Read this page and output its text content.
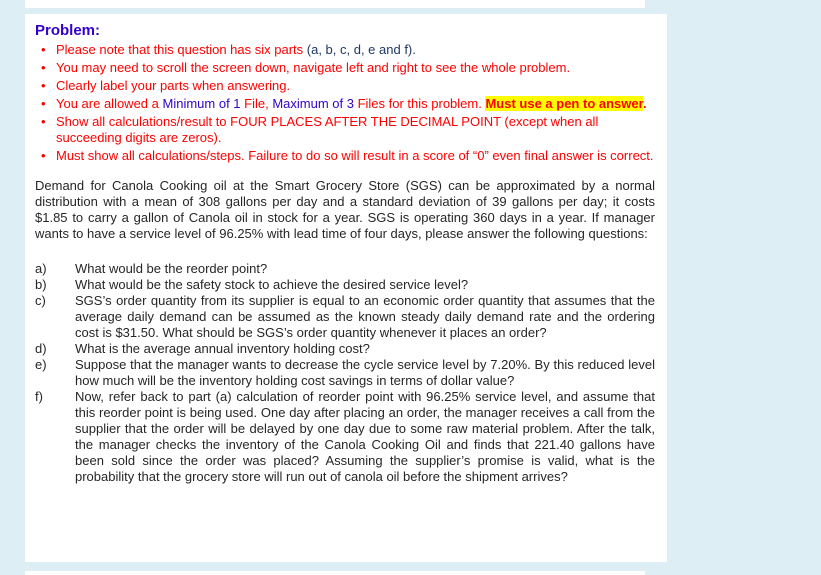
Problem:
• Please note that this question has six parts (a, b, c, d, e and f).
• You may need to scroll the screen down, navigate left and right to see the whole problem.
• Clearly label your parts when answering.
• You are allowed a Minimum of 1 File, Maximum of 3 Files for this problem. Must use a pen to answer.
• Show all calculations/result to FOUR PLACES AFTER THE DECIMAL POINT (except when all succeeding digits are zeros).
• Must show all calculations/steps. Failure to do so will result in a score of “0” even final answer is correct.

Demand for Canola Cooking oil at the Smart Grocery Store (SGS) can be approximated by a normal distribution with a mean of 308 gallons per day and a standard deviation of 39 gallons per day; it costs $1.85 to carry a gallon of Canola oil in stock for a year. SGS is operating 360 days in a year. If manager wants to have a service level of 96.25% with lead time of four days, please answer the following questions:

a)	What would be the reorder point?
b)	What would be the safety stock to achieve the desired service level?
c)	SGS’s order quantity from its supplier is equal to an economic order quantity that assumes that the average daily demand can be assumed as the known steady daily demand rate and the ordering cost is $31.50. What should be SGS’s order quantity whenever it places an order?
d)	What is the average annual inventory holding cost?
e)	Suppose that the manager wants to decrease the cycle service level by 7.20%. By this reduced level how much will be the inventory holding cost savings in terms of dollar value?
f)	Now, refer back to part (a) calculation of reorder point with 96.25% service level, and assume that this reorder point is being used. One day after placing an order, the manager receives a call from the supplier that the order will be delayed by one day due to some raw material problem. After the talk, the manager checks the inventory of the Canola Cooking Oil and finds that 221.40 gallons have been sold since the order was placed? Assuming the supplier’s promise is valid, what is the probability that the grocery store will run out of canola oil before the shipment arrives?
